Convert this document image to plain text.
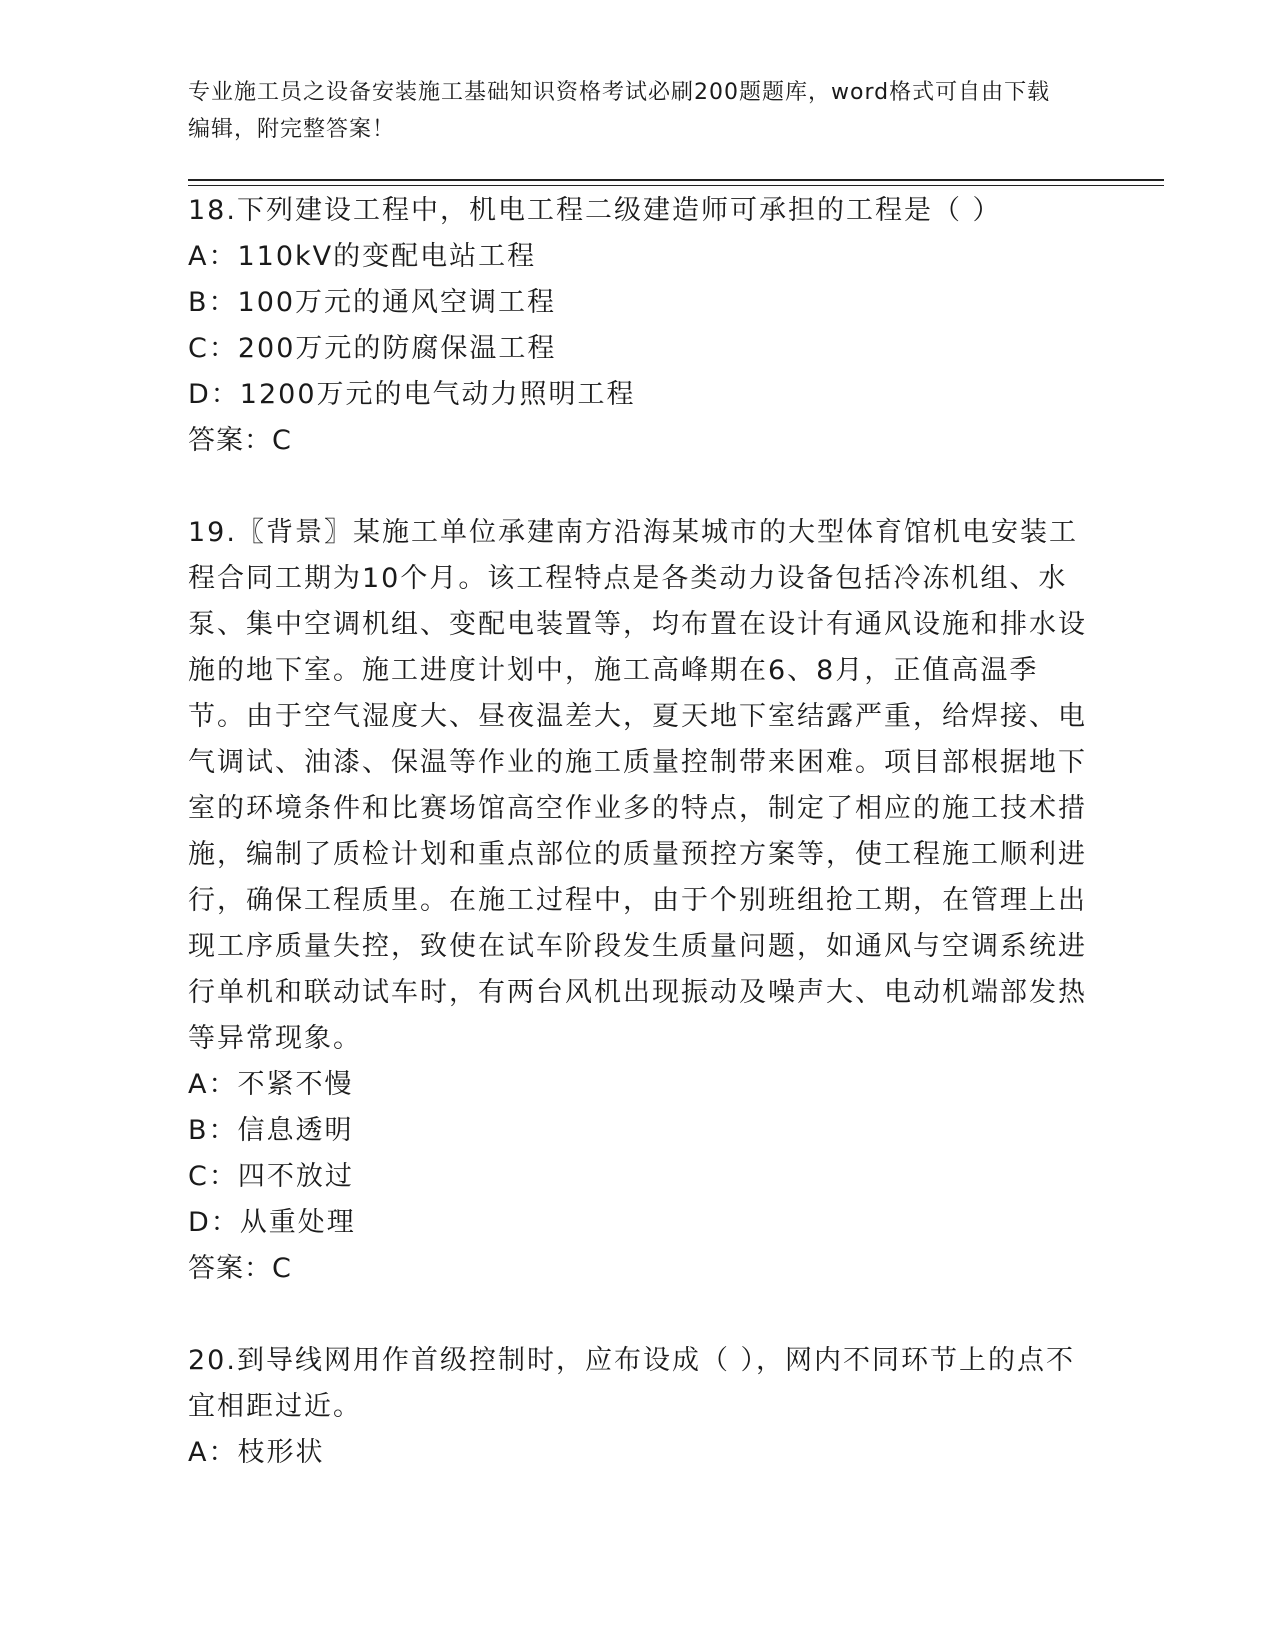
专业施工员之设备安装施工基础知识资格考试必刷200题题库，word格式可自由下载编辑，附完整答案！

18.下列建设工程中，机电工程二级建造师可承担的工程是（ ）

A：110kV的变配电站工程

B：100万元的通风空调工程

C：200万元的防腐保温工程

D：1200万元的电气动力照明工程

答案：C

19.〖背景〗某施工单位承建南方沿海某城市的大型体育馆机电安装工程合同工期为10个月。该工程特点是各类动力设备包括冷冻机组、水泵、集中空调机组、变配电装置等，均布置在设计有通风设施和排水设施的地下室。施工进度计划中，施工高峰期在6、8月，正值高温季节。由于空气湿度大、昼夜温差大，夏天地下室结露严重，给焊接、电气调试、油漆、保温等作业的施工质量控制带来困难。项目部根据地下室的环境条件和比赛场馆高空作业多的特点，制定了相应的施工技术措施，编制了质检计划和重点部位的质量预控方案等，使工程施工顺利进行，确保工程质里。在施工过程中，由于个别班组抢工期，在管理上出现工序质量失控，致使在试车阶段发生质量问题，如通风与空调系统进行单机和联动试车时，有两台风机出现振动及噪声大、电动机端部发热等异常现象。

A：不紧不慢

B：信息透明

C：四不放过

D：从重处理

答案：C

20.到导线网用作首级控制时，应布设成（ ），网内不同环节上的点不宜相距过近。

A：枝形状
